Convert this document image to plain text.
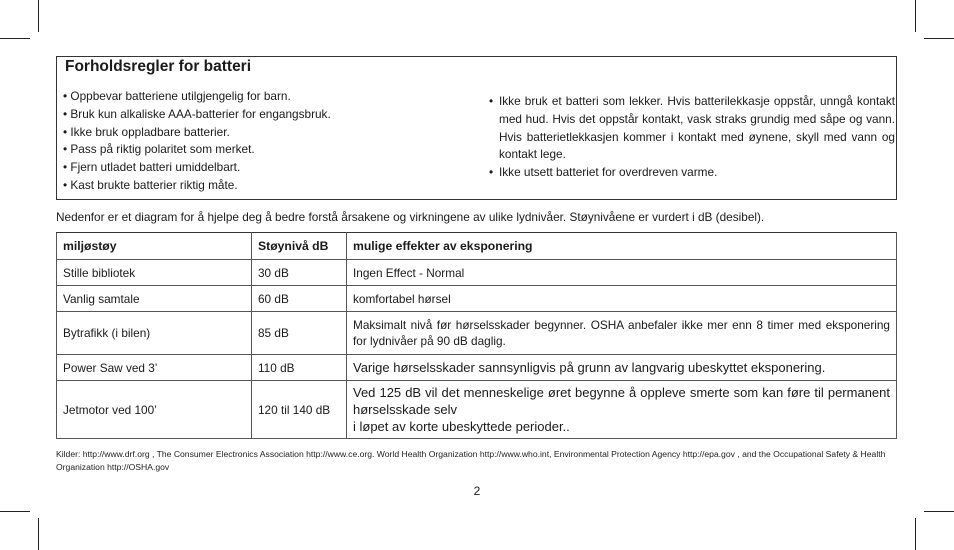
Forholdsregler for batteri
• Oppbevar batteriene utilgjengelig for barn.
• Bruk kun alkaliske AAA-batterier for engangsbruk.
• Ikke bruk oppladbare batterier.
• Pass på riktig polaritet som merket.
• Fjern utladet batteri umiddelbart.
• Kast brukte batterier riktig måte.
• Ikke bruk et batteri som lekker. Hvis batterilekkasje oppstår, unngå kontakt med hud. Hvis det oppstår kontakt, vask straks grundig med såpe og vann. Hvis batterietlekkasjen kommer i kontakt med øynene, skyll med vann og kontakt lege.
• Ikke utsett batteriet for overdreven varme.
Nedenfor er et diagram for å hjelpe deg å bedre forstå årsakene og virkningene av ulike lydnivåer. Støynivåene er vurdert i dB (desibel).
miljøstøy	Støynivå dB	mulige effekter av eksponering
Stille bibliotek	30 dB	Ingen Effect - Normal
Vanlig samtale	60 dB	komfortabel hørsel
Bytrafikk (i bilen)	85 dB	Maksimalt nivå før hørselsskader begynner. OSHA anbefaler ikke mer enn 8 timer med eksponering for lydnivåer på 90 dB daglig.
Power Saw ved 3’	110 dB	Varige hørselsskader sannsynligvis på grunn av langvarig ubeskyttet eksponering.
Jetmotor ved 100’	120 til 140 dB	Ved 125 dB vil det menneskelige øret begynne å oppleve smerte som kan føre til permanent hørselsskade selv
i løpet av korte ubeskyttede perioder..
Kilder: http://www.drf.org , The Consumer Electronics Association http://www.ce.org. World Health Organization http://www.who.int, Environmental Protection Agency http://epa.gov , and the Occupational Safety & Health Organization http://OSHA.gov
2
